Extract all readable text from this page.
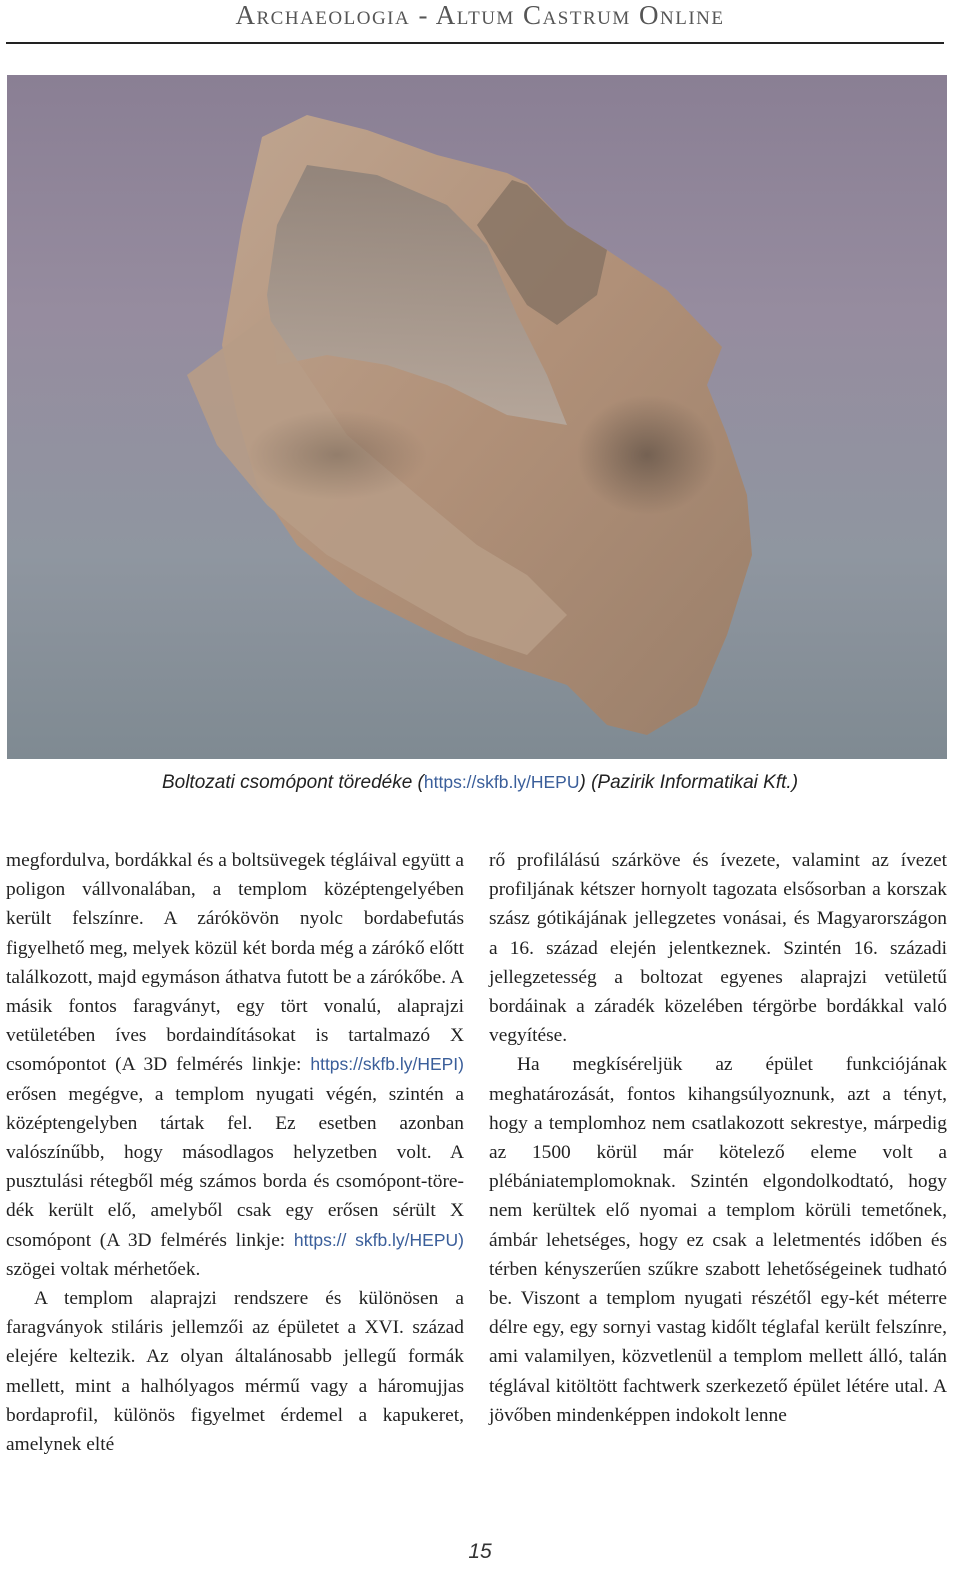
Archaeologia - Altum Castrum Online
Boltozati csomópont töredéke (https://skfb.ly/HEPU) (Pazirik Informatikai Kft.)

megfordulva, bordákkal és a boltsüvegek tégláival együtt a poligon vállvonalában, a templom középtengelyében került felszínre. A zárókövön nyolc bordabefutás figyelhető meg, melyek közül két borda még a zárókő előtt találkozott, majd egymáson áthatva futott be a zárókőbe. A másik fontos faragványt, egy tört vonalú, alaprajzi vetületében íves bordaindításokat is tartalmazó X csomópontot (A 3D felmérés linkje: https://skfb.ly/HEPI) erősen megégve, a templom nyugati végén, szintén a középtengelyben tártak fel. Ez esetben azonban valószínűbb, hogy másodlagos helyzetben volt. A pusztulási rétegből még számos borda és csomópont-töredék került elő, amelyből csak egy erősen sérült X csomópont (A 3D felmérés linkje: https:// skfb.ly/HEPU) szögei voltak mérhetőek.

A templom alaprajzi rendszere és különösen a faragványok stiláris jellemzői az épületet a XVI. század elejére keltezik. Az olyan általánosabb jellegű formák mellett, mint a halhólyagos mérmű vagy a háromujjas bordaprofil, különös figyelmet érdemel a kapukeret, amelynek elté

rő profilálású szárköve és ívezete, valamint az ívezet profiljának kétszer hornyolt tagozata elsősorban a korszak szász gótikájának jellegzetes vonásai, és Magyarországon a 16. század elején jelentkeznek. Szintén 16. századi jellegzetesség a boltozat egyenes alaprajzi vetületű bordáinak a záradék közelében térgörbe bordákkal való vegyítése.

Ha megkíséreljük az épület funkciójának meghatározását, fontos kihangsúlyoznunk, azt a tényt, hogy a templomhoz nem csatlakozott sekrestye, márpedig az 1500 körül már kötelező eleme volt a plébániatemplomoknak. Szintén elgondolkodtató, hogy nem kerültek elő nyomai a templom körüli temetőnek, ámbár lehetséges, hogy ez csak a leletmentés időben és térben kényszerűen szűkre szabott lehetőségeinek tudható be. Viszont a templom nyugati részétől egy-két méterre délre egy, egy sornyi vastag kidőlt téglafal került felszínre, ami valamilyen, közvetlenül a templom mellett álló, talán téglával kitöltött fachtwerk szerkezető épület létére utal. A jövőben mindenképpen indokolt lenne

15
